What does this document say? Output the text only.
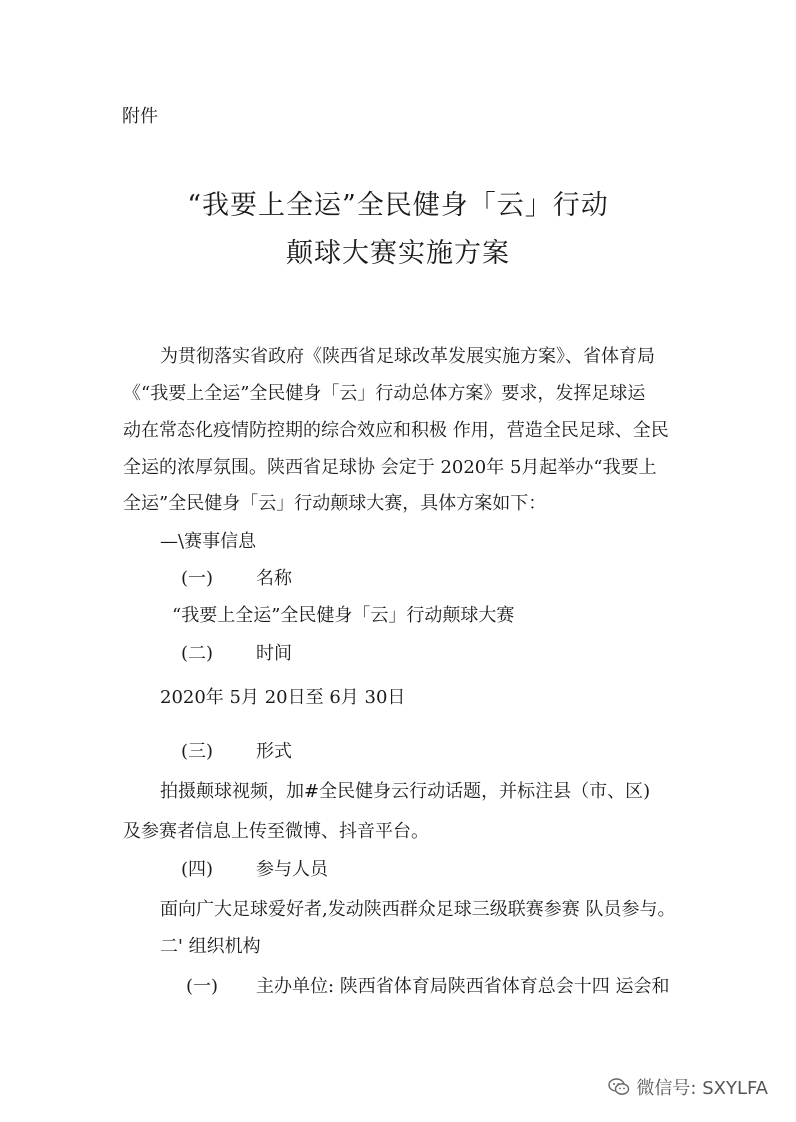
附件
“我要上全运”全民健身「云」行动
颠球大赛实施方案
为贯彻落实省政府《陕西省足球改革发展实施方案》、省体育局
《“我要上全运”全民健身「云」行动总体方案》要求，发挥足球运
动在常态化疫情防控期的综合效应和积极 作用，营造全民足球、全民
全运的浓厚氛围。陕西省足球协 会定于 2020年 5月起举办“我要上
全运”全民健身「云」行动颠球大赛，具体方案如下：
—\赛事信息
(一) 名称
“我要上全运”全民健身「云」行动颠球大赛
(二) 时间
2020年 5月 20日至 6月 30日
(三) 形式
拍摄颠球视频，加#全民健身云行动话题，并标注县（市、区)
及参赛者信息上传至微博、抖音平台。
(四) 参与人员
面向广大足球爱好者,发动陕西群众足球三级联赛参赛 队员参与。
二' 组织机构
(一) 主办单位: 陕西省体育局陕西省体育总会十四 运会和
微信号: SXYLFA
